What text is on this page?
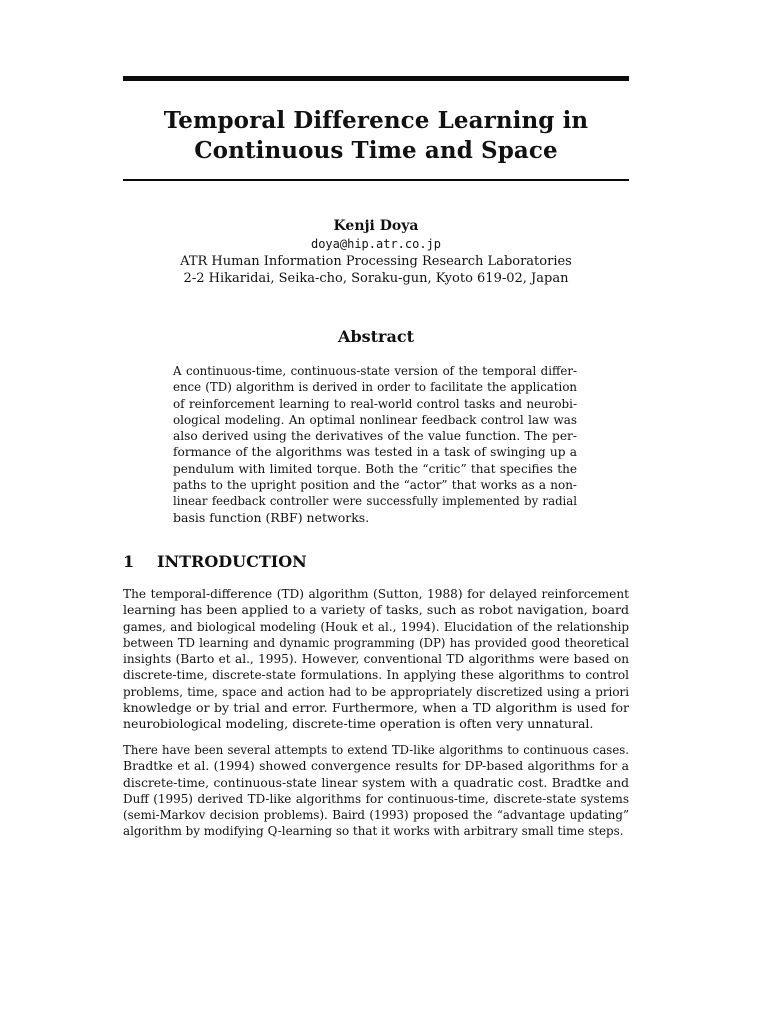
Temporal Difference Learning in
Continuous Time and Space
Kenji Doya
doya@hip.atr.co.jp
ATR Human Information Processing Research Laboratories
2-2 Hikaridai, Seika-cho, Soraku-gun, Kyoto 619-02, Japan
Abstract
A continuous-time, continuous-state version of the temporal differ-
ence (TD) algorithm is derived in order to facilitate the application
of reinforcement learning to real-world control tasks and neurobi-
ological modeling. An optimal nonlinear feedback control law was
also derived using the derivatives of the value function. The per-
formance of the algorithms was tested in a task of swinging up a
pendulum with limited torque. Both the “critic” that specifies the
paths to the upright position and the “actor” that works as a non-
linear feedback controller were successfully implemented by radial
basis function (RBF) networks.
1 INTRODUCTION
The temporal-difference (TD) algorithm (Sutton, 1988) for delayed reinforcement
learning has been applied to a variety of tasks, such as robot navigation, board
games, and biological modeling (Houk et al., 1994). Elucidation of the relationship
between TD learning and dynamic programming (DP) has provided good theoretical
insights (Barto et al., 1995). However, conventional TD algorithms were based on
discrete-time, discrete-state formulations. In applying these algorithms to control
problems, time, space and action had to be appropriately discretized using a priori
knowledge or by trial and error. Furthermore, when a TD algorithm is used for
neurobiological modeling, discrete-time operation is often very unnatural.
There have been several attempts to extend TD-like algorithms to continuous cases.
Bradtke et al. (1994) showed convergence results for DP-based algorithms for a
discrete-time, continuous-state linear system with a quadratic cost. Bradtke and
Duff (1995) derived TD-like algorithms for continuous-time, discrete-state systems
(semi-Markov decision problems). Baird (1993) proposed the “advantage updating”
algorithm by modifying Q-learning so that it works with arbitrary small time steps.
